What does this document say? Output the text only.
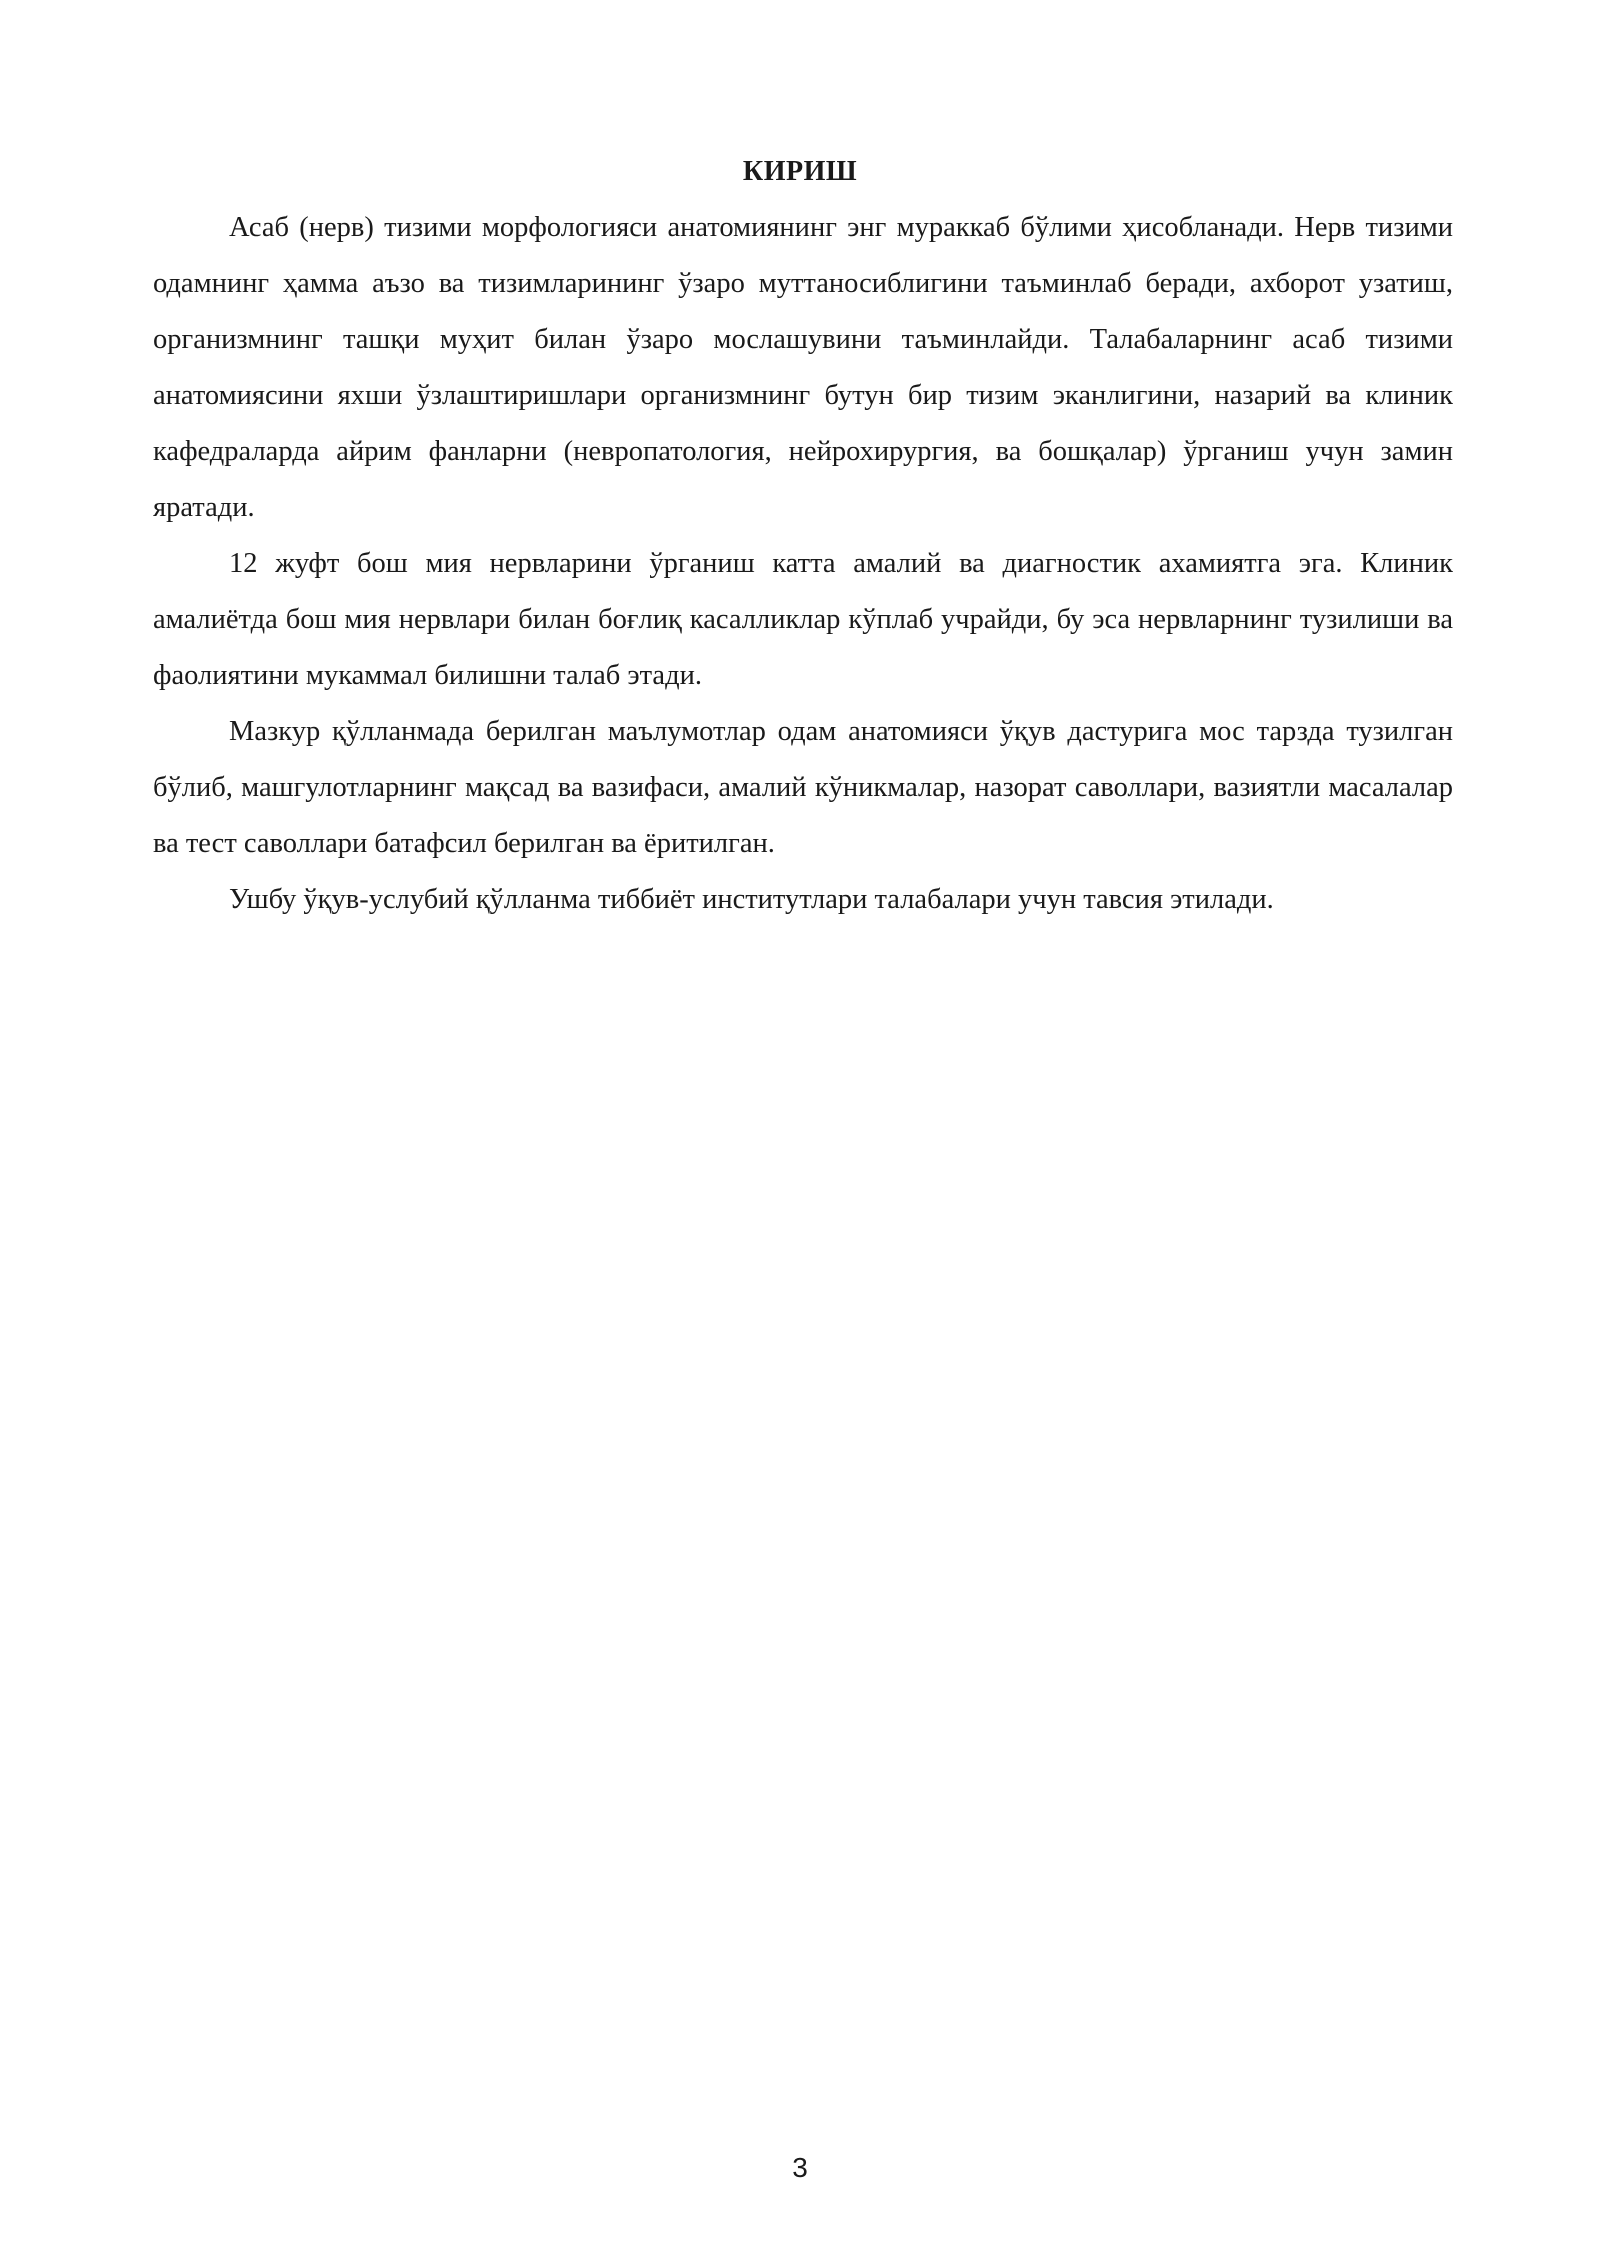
КИРИШ

Асаб (нерв) тизими морфологияси анатомиянинг энг мураккаб бўлими ҳисобланади. Нерв тизими одамнинг ҳамма аъзо ва тизимларининг ўзаро муттаносиблигини таъминлаб беради, ахборот узатиш, организмнинг ташқи муҳит билан ўзаро мослашувини таъминлайди. Талабаларнинг асаб тизими анатомиясини яхши ўзлаштиришлари организмнинг бутун бир тизим эканлигини, назарий ва клиник кафедраларда айрим фанларни (невропатология, нейрохирургия, ва бошқалар) ўрганиш учун замин яратади.

12 жуфт бош мия нервларини ўрганиш катта амалий ва диагностик ахамиятга эга. Клиник амалиётда бош мия нервлари билан боғлиқ касалликлар кўплаб учрайди, бу эса нервларнинг тузилиши ва фаолиятини мукаммал билишни талаб этади.

Мазкур қўлланмада берилган маълумотлар одам анатомияси ўқув дастурига мос тарзда тузилган бўлиб, машгулотларнинг мақсад ва вазифаси, амалий кўникмалар, назорат саволлари, вазиятли масалалар ва тест саволлари батафсил берилган ва ёритилган.

Ушбу ўқув-услубий қўлланма тиббиёт институтлари талабалари учун тавсия этилади.

3
